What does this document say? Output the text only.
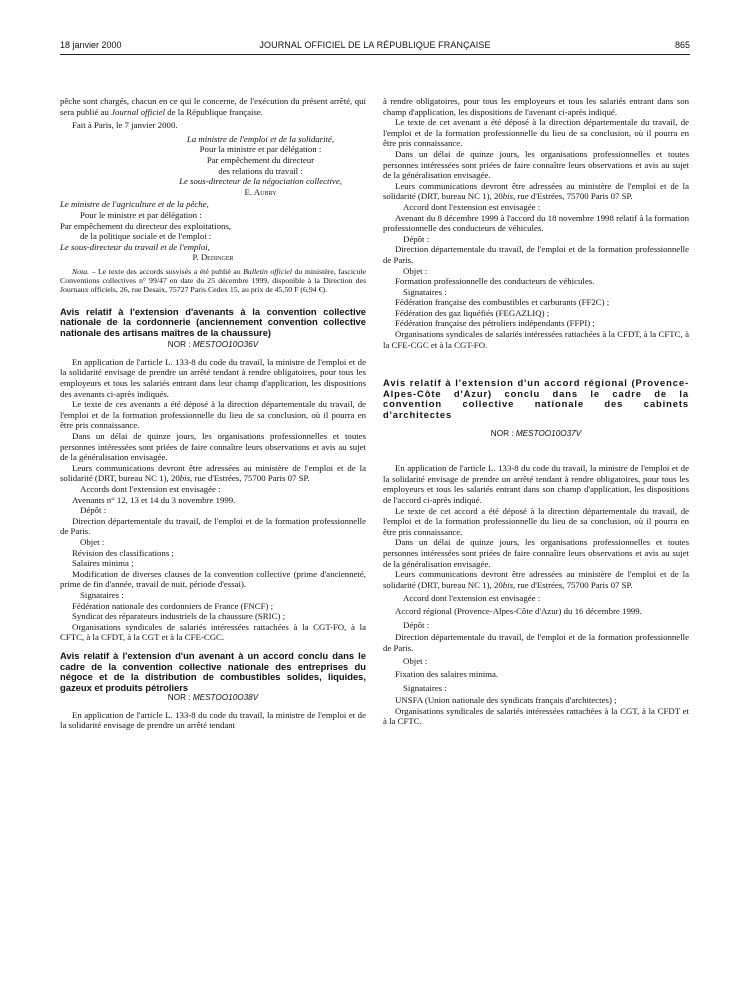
18 janvier 2000	JOURNAL OFFICIEL DE LA RÉPUBLIQUE FRANÇAISE	865

pêche sont chargés, chacun en ce qui le concerne, de l'exécution du présent arrêté, qui sera publié au Journal officiel de la République française.

Fait à Paris, le 7 janvier 2000.

La ministre de l'emploi et de la solidarité,

Pour la ministre et par délégation :

Par empêchement du directeur

des relations du travail :

Le sous-directeur de la négociation collective,

E. Aubry

Le ministre de l'agriculture et de la pêche,

Pour le ministre et par délégation :

Par empêchement du directeur des exploitations,

de la politique sociale et de l'emploi :

Le sous-directeur du travail et de l'emploi,

P. Dedinger

Nota. – Le texte des accords susvisés a été publié au Bulletin officiel du ministère, fascicule Conventions collectives n° 99/47 en date du 25 décembre 1999, disponible à la Direction des Journaux officiels, 26, rue Desaix, 75727 Paris Cedex 15, au prix de 45,50 F (6,94 €).

Avis relatif à l'extension d'avenants à la convention collective nationale de la cordonnerie (anciennement convention collective nationale des artisans maîtres de la chaussure)
NOR : MESTOO10O36V

En application de l'article L. 133-8 du code du travail, la ministre de l'emploi et de la solidarité envisage de prendre un arrêté tendant à rendre obligatoires, pour tous les employeurs et tous les salariés entrant dans leur champ d'application, les dispositions des avenants ci-après indiqués.

Le texte de ces avenants a été déposé à la direction départementale du travail, de l'emploi et de la formation professionnelle du lieu de sa conclusion, où il pourra en être pris connaissance.

Dans un délai de quinze jours, les organisations professionnelles et toutes personnes intéressées sont priées de faire connaître leurs observations et avis au sujet de la généralisation envisagée.

Leurs communications devront être adressées au ministère de l'emploi et de la solidarité (DRT, bureau NC 1), 20bis, rue d'Estrées, 75700 Paris 07 SP.

Accords dont l'extension est envisagée :

Avenants n° 12, 13 et 14 du 3 novembre 1999.

Dépôt :

Direction départementale du travail, de l'emploi et de la formation professionnelle de Paris.

Objet :

Révision des classifications ;

Salaires minima ;

Modification de diverses clauses de la convention collective (prime d'ancienneté, prime de fin d'année, travail de nuit, période d'essai).

Signataires :

Fédération nationale des cordonniers de France (FNCF) ;

Syndicat des réparateurs industriels de la chaussure (SRIC) ;

Organisations syndicales de salariés intéressées rattachées à la CGT-FO, à la CFTC, à la CFDT, à la CGT et à la CFE-CGC.

Avis relatif à l'extension d'un avenant à un accord conclu dans le cadre de la convention collective nationale des entreprises du négoce et de la distribution de combustibles solides, liquides, gazeux et produits pétroliers
NOR : MESTOO10O38V

En application de l'article L. 133-8 du code du travail, la ministre de l'emploi et de la solidarité envisage de prendre un arrêté tendant

à rendre obligatoires, pour tous les employeurs et tous les salariés entrant dans son champ d'application, les dispositions de l'avenant ci-après indiqué.

Le texte de cet avenant a été déposé à la direction départementale du travail, de l'emploi et de la formation professionnelle du lieu de sa conclusion, où il pourra en être pris connaissance.

Dans un délai de quinze jours, les organisations professionnelles et toutes personnes intéressées sont priées de faire connaître leurs observations et avis au sujet de la généralisation envisagée.

Leurs communications devront être adressées au ministère de l'emploi et de la solidarité (DRT, bureau NC 1), 20bis, rue d'Estrées, 75700 Paris 07 SP.

Accord dont l'extension est envisagée :

Avenant du 8 décembre 1999 à l'accord du 18 novembre 1998 relatif à la formation professionnelle des conducteurs de véhicules.

Dépôt :

Direction départementale du travail, de l'emploi et de la formation professionnelle de Paris.

Objet :

Formation professionnelle des conducteurs de véhicules.

Signataires :

Fédération française des combustibles et carburants (FF2C) ;

Fédération des gaz liquéfiés (FEGAZLIQ) ;

Fédération française des pétroliers indépendants (FFPI) ;

Organisations syndicales de salariés intéressées rattachées à la CFDT, à la CFTC, à la CFE-CGC et à la CGT-FO.

Avis relatif à l'extension d'un accord régional (Provence-Alpes-Côte d'Azur) conclu dans le cadre de la convention collective nationale des cabinets d'architectes
NOR : MESTOO10O37V

En application de l'article L. 133-8 du code du travail, la ministre de l'emploi et de la solidarité envisage de prendre un arrêté tendant à rendre obligatoires, pour tous les employeurs et tous les salariés entrant dans son champ d'application, les dispositions de l'accord ci-après indiqué.

Le texte de cet accord a été déposé à la direction départementale du travail, de l'emploi et de la formation professionnelle du lieu de sa conclusion, où il pourra en être pris connaissance.

Dans un délai de quinze jours, les organisations professionnelles et toutes personnes intéressées sont priées de faire connaître leurs observations et avis au sujet de la généralisation envisagée.

Leurs communications devront être adressées au ministère de l'emploi et de la solidarité (DRT, bureau NC 1), 20bis, rue d'Estrées, 75700 Paris 07 SP.

Accord dont l'extension est envisagée :

Accord régional (Provence-Alpes-Côte d'Azur) du 16 décembre 1999.

Dépôt :

Direction départementale du travail, de l'emploi et de la formation professionnelle de Paris.

Objet :

Fixation des salaires minima.

Signataires :

UNSFA (Union nationale des syndicats français d'architectes) ;

Organisations syndicales de salariés intéressées rattachées à la CGT, à la CFDT et à la CFTC.
